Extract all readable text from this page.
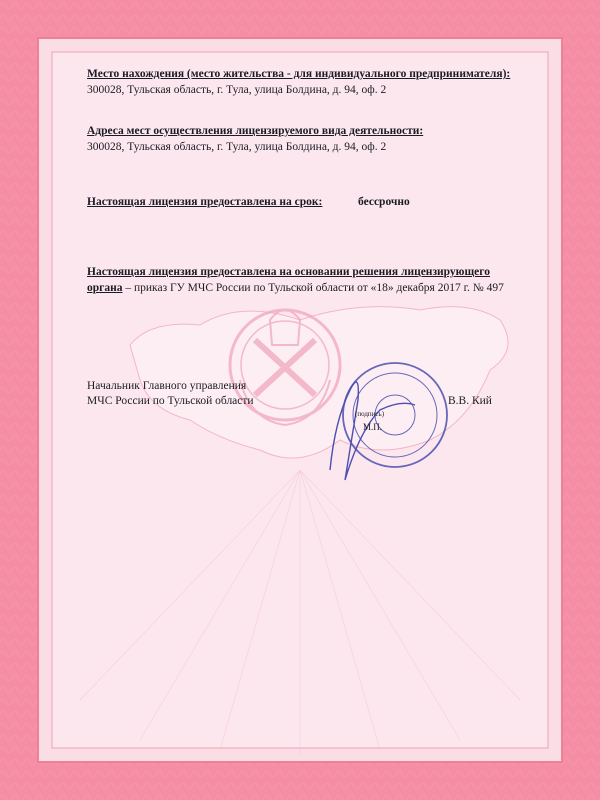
Место нахождения (место жительства - для индивидуального предпринимателя):
300028, Тульская область, г. Тула, улица Болдина, д. 94, оф. 2
Адреса мест осуществления лицензируемого вида деятельности:
300028, Тульская область, г. Тула, улица Болдина, д. 94, оф. 2
Настоящая лицензия предоставлена на срок:	бессрочно
Настоящая лицензия предоставлена на основании решения лицензирующего
органа – приказ ГУ МЧС России по Тульской области от «18» декабря 2017 г. № 497
Начальник Главного управления
МЧС России по Тульской области
(подпись)
М.П.
В.В. Кий
